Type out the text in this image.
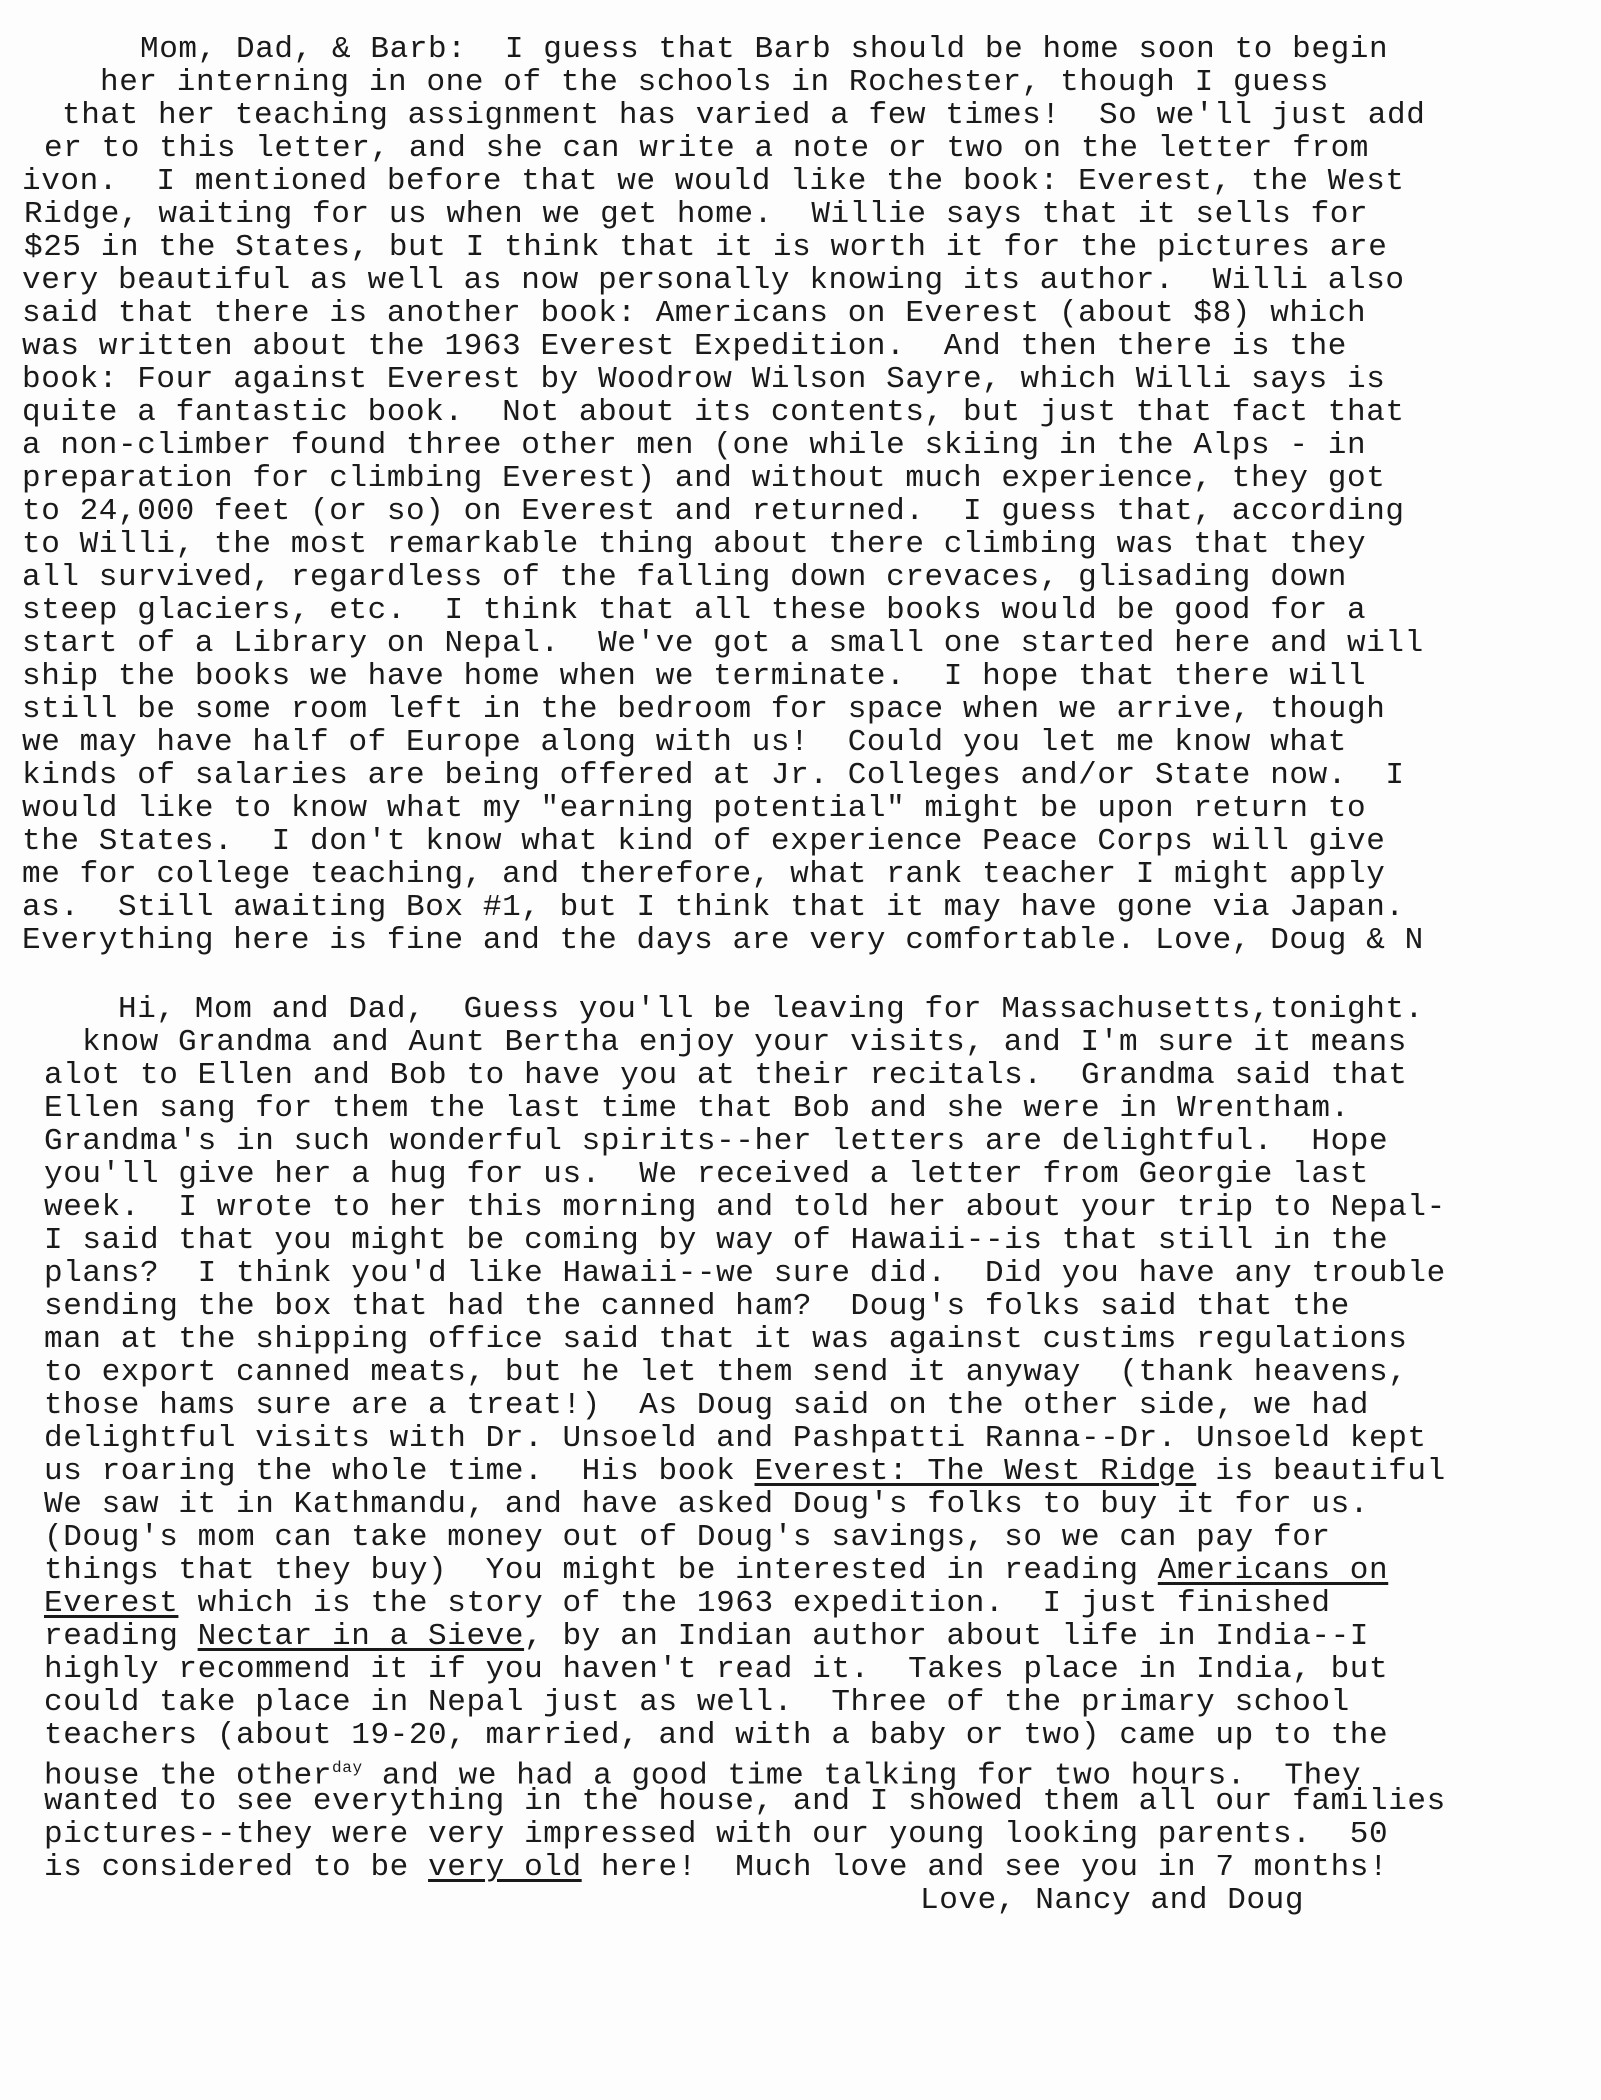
Mom, Dad, & Barb:  I guess that Barb should be home soon to begin
her interning in one of the schools in Rochester, though I guess
that her teaching assignment has varied a few times!  So we'll just add
er to this letter, and she can write a note or two on the letter from
ivon.  I mentioned before that we would like the book: Everest, the West
Ridge, waiting for us when we get home.  Willie says that it sells for
$25 in the States, but I think that it is worth it for the pictures are
very beautiful as well as now personally knowing its author.  Willi also
said that there is another book: Americans on Everest (about $8) which
was written about the 1963 Everest Expedition.  And then there is the
book: Four against Everest by Woodrow Wilson Sayre, which Willi says is
quite a fantastic book.  Not about its contents, but just that fact that
a non-climber found three other men (one while skiing in the Alps - in
preparation for climbing Everest) and without much experience, they got
to 24,000 feet (or so) on Everest and returned.  I guess that, according
to Willi, the most remarkable thing about there climbing was that they
all survived, regardless of the falling down crevaces, glisading down
steep glaciers, etc.  I think that all these books would be good for a
start of a Library on Nepal.  We've got a small one started here and will
ship the books we have home when we terminate.  I hope that there will
still be some room left in the bedroom for space when we arrive, though
we may have half of Europe along with us!  Could you let me know what
kinds of salaries are being offered at Jr. Colleges and/or State now.  I
would like to know what my "earning potential" might be upon return to
the States.  I don't know what kind of experience Peace Corps will give
me for college teaching, and therefore, what rank teacher I might apply
as.  Still awaiting Box #1, but I think that it may have gone via Japan.
Everything here is fine and the days are very comfortable. Love, Doug & N
Hi, Mom and Dad,  Guess you'll be leaving for Massachusetts,tonight.
know Grandma and Aunt Bertha enjoy your visits, and I'm sure it means
alot to Ellen and Bob to have you at their recitals.  Grandma said that
Ellen sang for them the last time that Bob and she were in Wrentham.
Grandma's in such wonderful spirits--her letters are delightful.  Hope
you'll give her a hug for us.  We received a letter from Georgie last
week.  I wrote to her this morning and told her about your trip to Nepal-
I said that you might be coming by way of Hawaii--is that still in the
plans?  I think you'd like Hawaii--we sure did.  Did you have any trouble
sending the box that had the canned ham?  Doug's folks said that the
man at the shipping office said that it was against custims regulations
to export canned meats, but he let them send it anyway  (thank heavens,
those hams sure are a treat!)  As Doug said on the other side, we had
delightful visits with Dr. Unsoeld and Pashpatti Ranna--Dr. Unsoeld kept
us roaring the whole time.  His book Everest: The West Ridge is beautiful
We saw it in Kathmandu, and have asked Doug's folks to buy it for us.
(Doug's mom can take money out of Doug's savings, so we can pay for
things that they buy)  You might be interested in reading Americans on
Everest which is the story of the 1963 expedition.  I just finished
reading Nectar in a Sieve, by an Indian author about life in India--I
highly recommend it if you haven't read it.  Takes place in India, but
could take place in Nepal just as well.  Three of the primary school
teachers (about 19-20, married, and with a baby or two) came up to the
house the other$^{day}$ and we had a good time talking for two hours.  They
wanted to see everything in the house, and I showed them all our families
pictures--they were very impressed with our young looking parents.  50
is considered to be very old here!  Much love and see you in 7 months!
Love, Nancy and Doug
